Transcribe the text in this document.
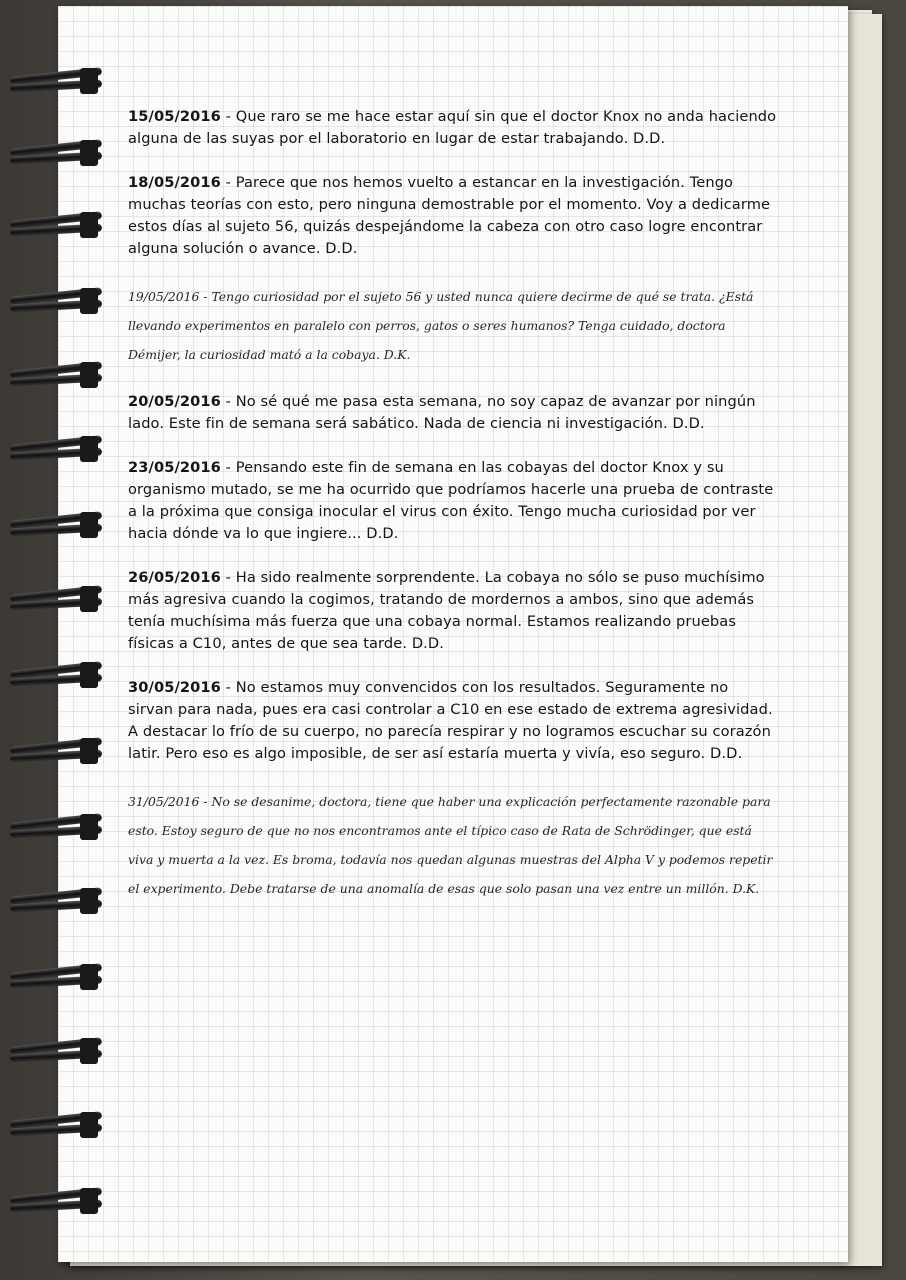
15/05/2016 - Que raro se me hace estar aquí sin que el doctor Knox no anda haciendo alguna de las suyas por el laboratorio en lugar de estar trabajando. D.D.

18/05/2016 - Parece que nos hemos vuelto a estancar en la investigación. Tengo muchas teorías con esto, pero ninguna demostrable por el momento. Voy a dedicarme estos días al sujeto 56, quizás despejándome la cabeza con otro caso logre encontrar alguna solución o avance. D.D.

19/05/2016 - Tengo curiosidad por el sujeto 56 y usted nunca quiere decirme de qué se trata. ¿Está llevando experimentos en paralelo con perros, gatos o seres humanos? Tenga cuidado, doctora Démijer, la curiosidad mató a la cobaya. D.K.

20/05/2016 - No sé qué me pasa esta semana, no soy capaz de avanzar por ningún lado. Este fin de semana será sabático. Nada de ciencia ni investigación. D.D.

23/05/2016 - Pensando este fin de semana en las cobayas del doctor Knox y su organismo mutado, se me ha ocurrido que podríamos hacerle una prueba de contraste a la próxima que consiga inocular el virus con éxito. Tengo mucha curiosidad por ver hacia dónde va lo que ingiere... D.D.

26/05/2016 - Ha sido realmente sorprendente. La cobaya no sólo se puso muchísimo más agresiva cuando la cogimos, tratando de mordernos a ambos, sino que además tenía muchísima más fuerza que una cobaya normal. Estamos realizando pruebas físicas a C10, antes de que sea tarde. D.D.

30/05/2016 - No estamos muy convencidos con los resultados. Seguramente no sirvan para nada, pues era casi controlar a C10 en ese estado de extrema agresividad. A destacar lo frío de su cuerpo, no parecía respirar y no logramos escuchar su corazón latir. Pero eso es algo imposible, de ser así estaría muerta y vivía, eso seguro. D.D.

31/05/2016 - No se desanime, doctora, tiene que haber una explicación perfectamente razonable para esto. Estoy seguro de que no nos encontramos ante el típico caso de Rata de Schrödinger, que está viva y muerta a la vez. Es broma, todavía nos quedan algunas muestras del Alpha V y podemos repetir el experimento. Debe tratarse de una anomalía de esas que solo pasan una vez entre un millón. D.K.
